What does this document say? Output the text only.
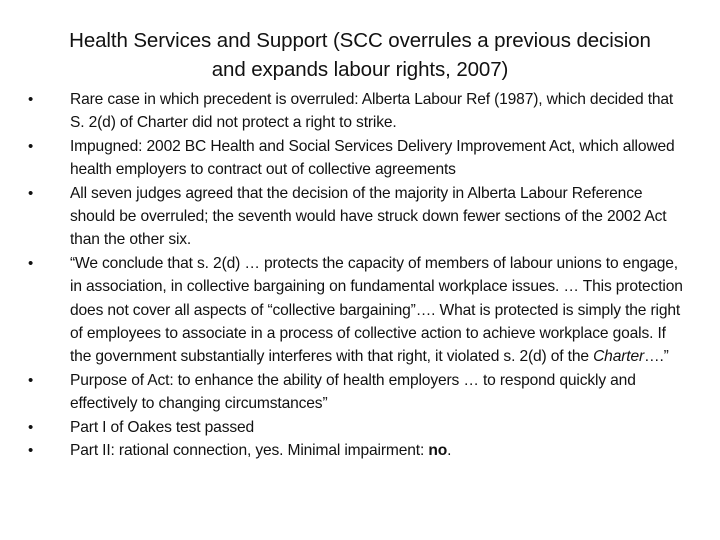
Health Services and Support (SCC overrules a previous decision
and expands labour rights, 2007)
•	Rare case in which precedent is overruled: Alberta Labour Ref (1987), which decided that S. 2(d) of Charter did not protect a right to strike.
•	Impugned: 2002 BC Health and Social Services Delivery Improvement Act, which allowed health employers to contract out of collective agreements
•	All seven judges agreed that the decision of the majority in Alberta Labour Reference should be overruled; the seventh would have struck down fewer sections of the 2002 Act than the other six.
•	“We conclude that s. 2(d) … protects the capacity of members of labour unions to engage, in association, in collective bargaining on fundamental workplace issues. … This protection does not cover all aspects of “collective bargaining”…. What is protected is simply the right of employees to associate in a process of collective action to achieve workplace goals. If the government substantially interferes with that right, it violated s. 2(d) of the Charter….”
•	Purpose of Act: to enhance the ability of health employers … to respond quickly and effectively to changing circumstances”
•	Part I of Oakes test passed
•	Part II: rational connection, yes. Minimal impairment: no.
